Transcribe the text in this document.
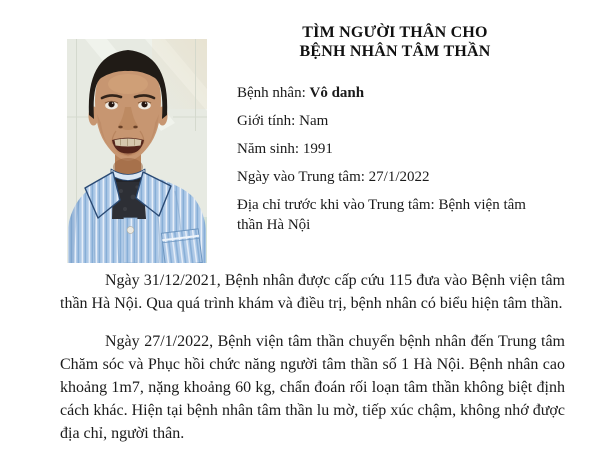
TÌM NGƯỜI THÂN CHO
BỆNH NHÂN TÂM THẦN
Bệnh nhân: Vô danh
Giới tính: Nam
Năm sinh: 1991
Ngày vào Trung tâm: 27/1/2022
Địa chỉ trước khi vào Trung tâm: Bệnh viện tâm thần Hà Nội

Ngày 31/12/2021, Bệnh nhân được cấp cứu 115 đưa vào Bệnh viện tâm thần Hà Nội. Qua quá trình khám và điều trị, bệnh nhân có biểu hiện tâm thần.

Ngày 27/1/2022, Bệnh viện tâm thần chuyển bệnh nhân đến Trung tâm Chăm sóc và Phục hồi chức năng người tâm thần số 1 Hà Nội. Bệnh nhân cao khoảng 1m7, nặng khoảng 60 kg, chẩn đoán rối loạn tâm thần không biệt định cách khác. Hiện tại bệnh nhân tâm thần lu mờ, tiếp xúc chậm, không nhớ được địa chỉ, người thân.
